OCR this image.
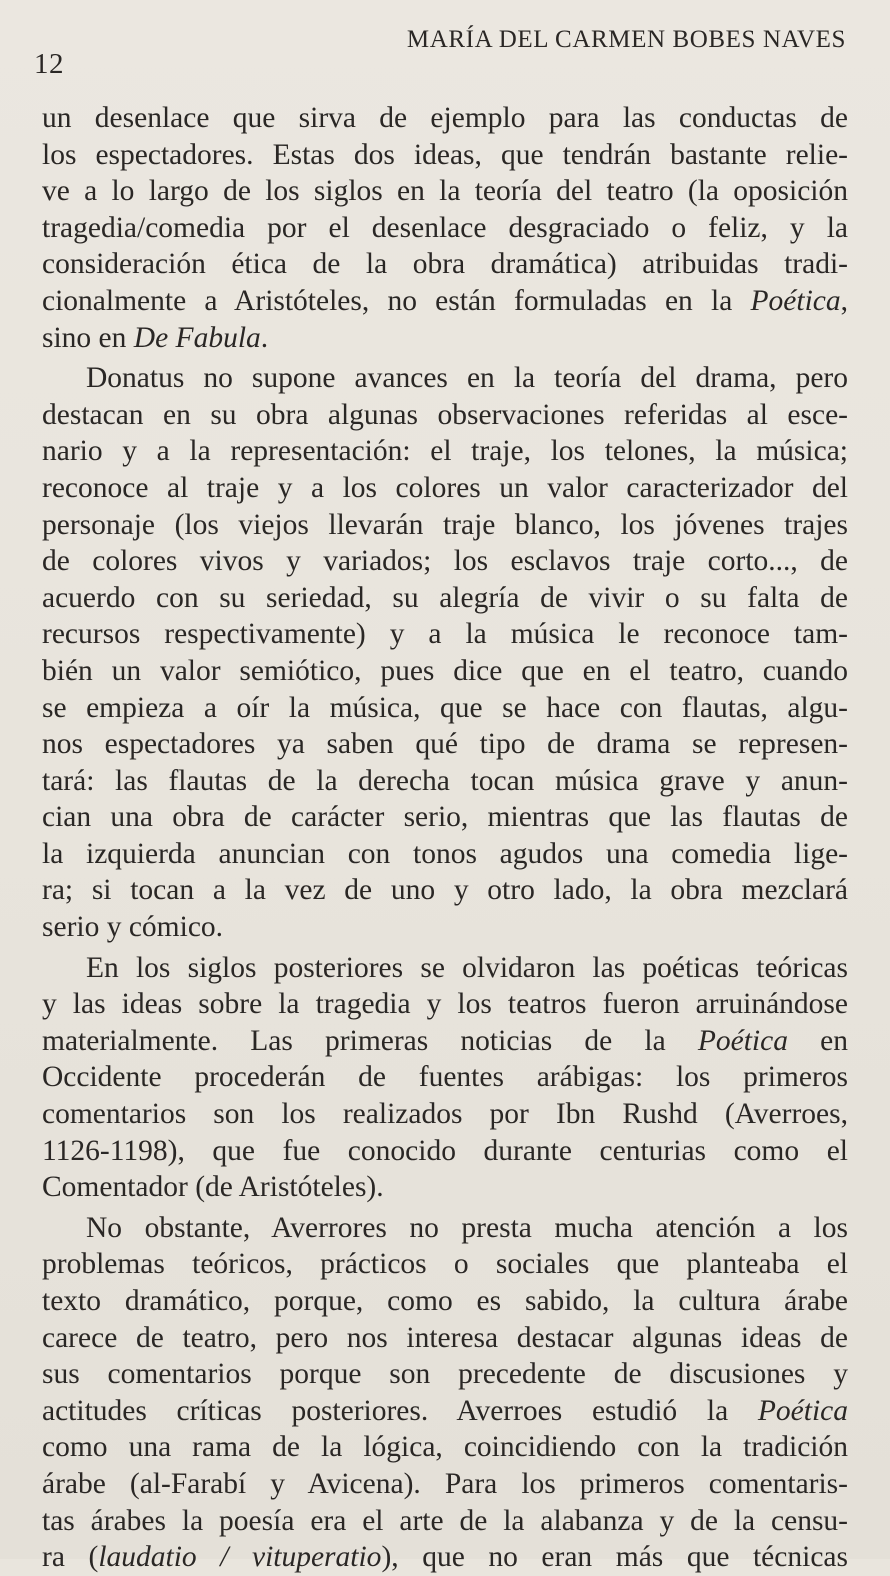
12
MARÍA DEL CARMEN BOBES NAVES
un desenlace que sirva de ejemplo para las conductas de
los espectadores. Estas dos ideas, que tendrán bastante relie-
ve a lo largo de los siglos en la teoría del teatro (la oposición
tragedia/comedia por el desenlace desgraciado o feliz, y la
consideración ética de la obra dramática) atribuidas tradi-
cionalmente a Aristóteles, no están formuladas en la Poética,
sino en De Fabula.
Donatus no supone avances en la teoría del drama, pero
destacan en su obra algunas observaciones referidas al esce-
nario y a la representación: el traje, los telones, la música;
reconoce al traje y a los colores un valor caracterizador del
personaje (los viejos llevarán traje blanco, los jóvenes trajes
de colores vivos y variados; los esclavos traje corto..., de
acuerdo con su seriedad, su alegría de vivir o su falta de
recursos respectivamente) y a la música le reconoce tam-
bién un valor semiótico, pues dice que en el teatro, cuando
se empieza a oír la música, que se hace con flautas, algu-
nos espectadores ya saben qué tipo de drama se represen-
tará: las flautas de la derecha tocan música grave y anun-
cian una obra de carácter serio, mientras que las flautas de
la izquierda anuncian con tonos agudos una comedia lige-
ra; si tocan a la vez de uno y otro lado, la obra mezclará
serio y cómico.
En los siglos posteriores se olvidaron las poéticas teóricas
y las ideas sobre la tragedia y los teatros fueron arruinándose
materialmente. Las primeras noticias de la Poética en
Occidente procederán de fuentes arábigas: los primeros
comentarios son los realizados por Ibn Rushd (Averroes,
1126-1198), que fue conocido durante centurias como el
Comentador (de Aristóteles).
No obstante, Averrores no presta mucha atención a los
problemas teóricos, prácticos o sociales que planteaba el
texto dramático, porque, como es sabido, la cultura árabe
carece de teatro, pero nos interesa destacar algunas ideas de
sus comentarios porque son precedente de discusiones y
actitudes críticas posteriores. Averroes estudió la Poética
como una rama de la lógica, coincidiendo con la tradición
árabe (al-Farabí y Avicena). Para los primeros comentaris-
tas árabes la poesía era el arte de la alabanza y de la censu-
ra (laudatio / vituperatio), que no eran más que técnicas
